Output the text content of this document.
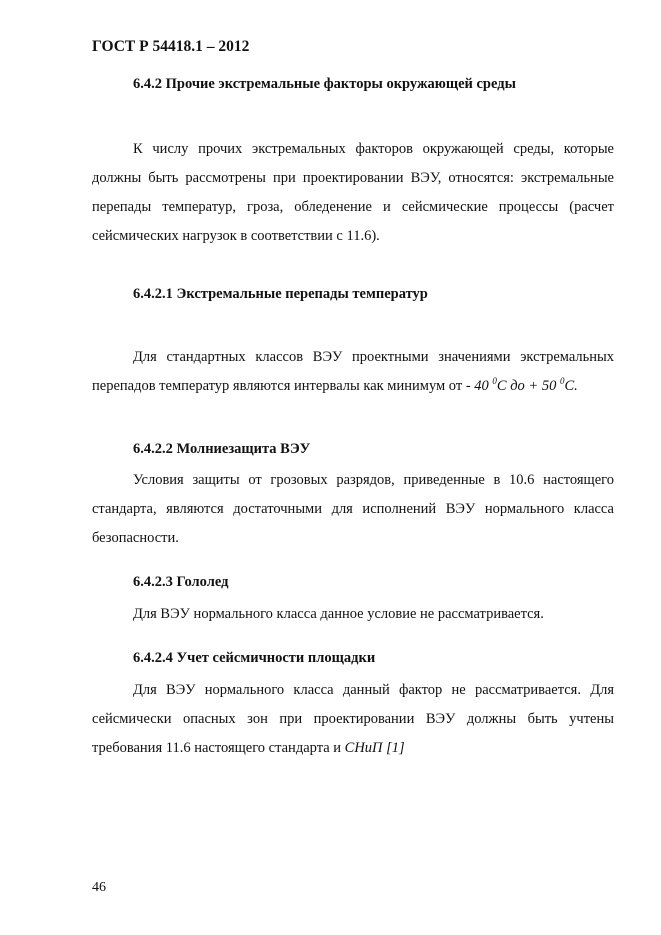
ГОСТ Р 54418.1 – 2012
6.4.2 Прочие экстремальные факторы окружающей среды
К числу прочих экстремальных факторов окружающей среды, которые должны быть рассмотрены при проектировании ВЭУ, относятся: экстремальные перепады температур, гроза, обледенение и сейсмические процессы (расчет сейсмических нагрузок в соответствии с 11.6).
6.4.2.1 Экстремальные перепады температур
Для стандартных классов ВЭУ проектными значениями экстремальных перепадов температур являются интервалы как минимум от - 40 $^0$С до + 50 $^0$С.
6.4.2.2 Молниезащита ВЭУ
Условия защиты от грозовых разрядов, приведенные в 10.6 настоящего стандарта, являются достаточными для исполнений ВЭУ нормального класса безопасности.
6.4.2.3 Гололед
Для ВЭУ нормального класса данное условие не рассматривается.
6.4.2.4 Учет сейсмичности площадки
Для ВЭУ нормального класса данный фактор не рассматривается. Для сейсмически опасных зон при проектировании ВЭУ должны быть учтены требования 11.6 настоящего стандарта и СНиП [1]
46
